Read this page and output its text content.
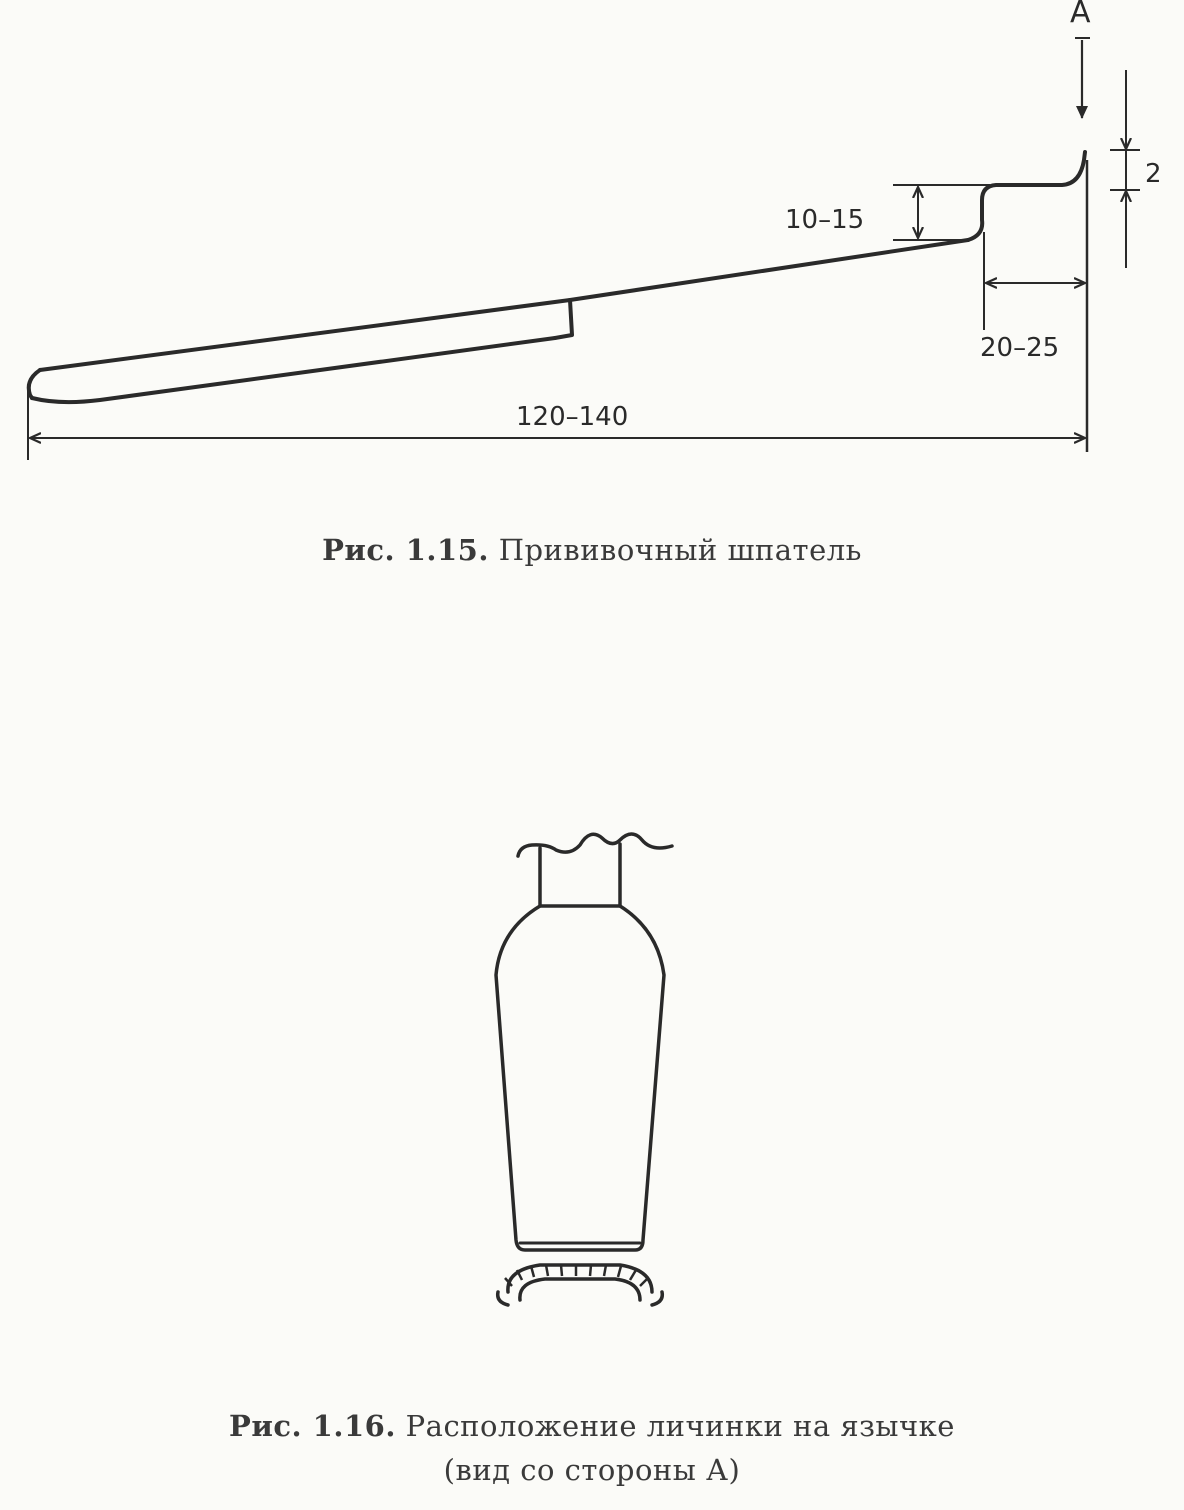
A
2
10–15
20–25
120–140
Рис. 1.15. Прививочный шпатель
Рис. 1.16. Расположение личинки на язычке
(вид со стороны А)
